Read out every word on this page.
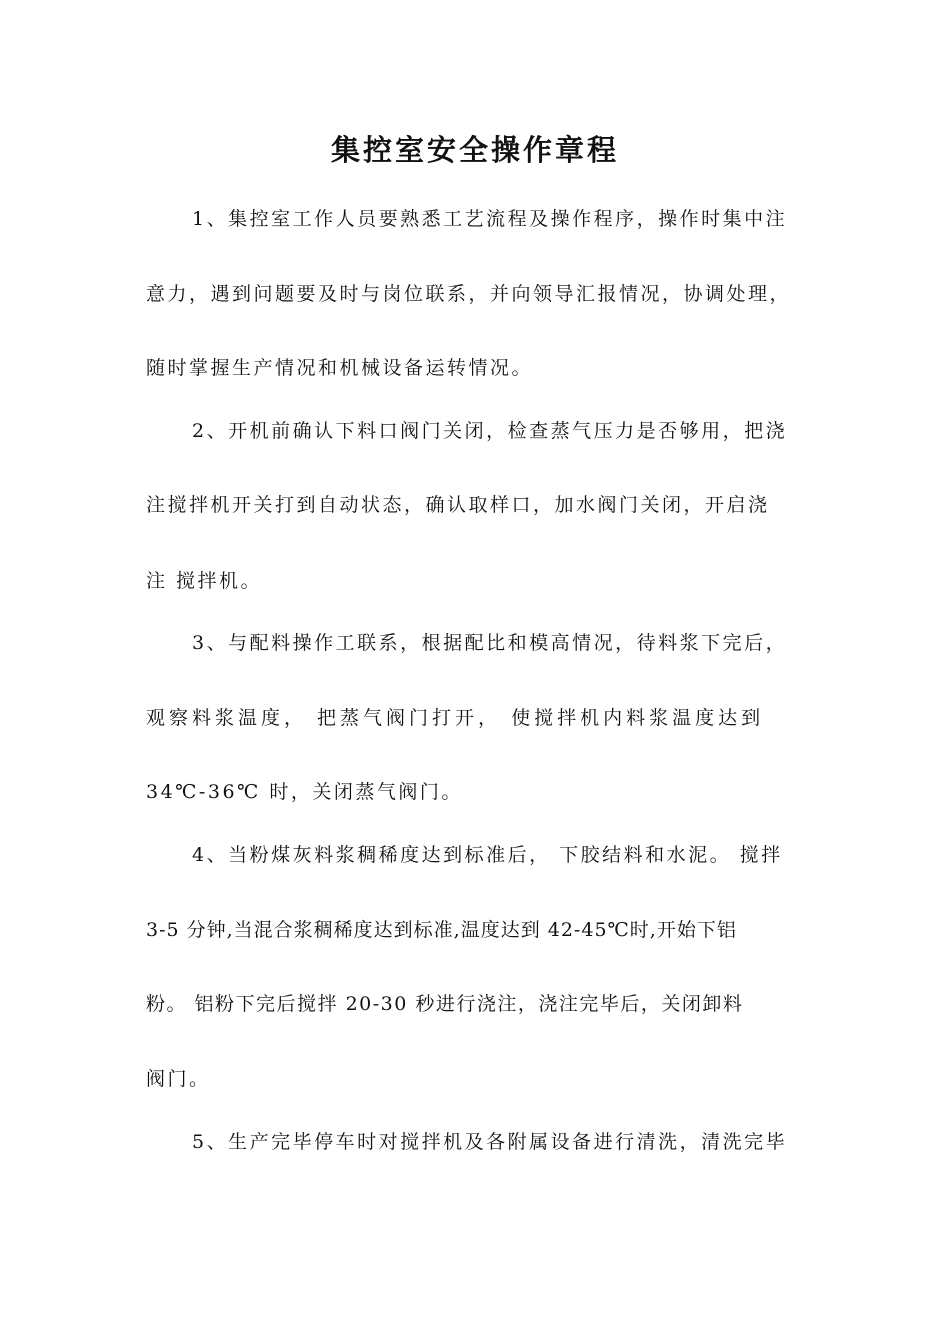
集控室安全操作章程
1、集控室工作人员要熟悉工艺流程及操作程序，操作时集中注
意力，遇到问题要及时与岗位联系，并向领导汇报情况，协调处理，
随时掌握生产情况和机械设备运转情况。
2、开机前确认下料口阀门关闭，检查蒸气压力是否够用，把浇
注搅拌机开关打到自动状态，确认取样口，加水阀门关闭，开启浇
注 搅拌机。
3、与配料操作工联系，根据配比和模高情况，待料浆下完后，
观察料浆温度， 把蒸气阀门打开， 使搅拌机内料浆温度达到
34℃-36℃ 时，关闭蒸气阀门。
4、当粉煤灰料浆稠稀度达到标准后， 下胶结料和水泥。 搅拌
3-5 分钟,当混合浆稠稀度达到标准,温度达到 42-45℃时,开始下铝
粉。 铝粉下完后搅拌 20-30 秒进行浇注，浇注完毕后，关闭卸料
阀门。
5、生产完毕停车时对搅拌机及各附属设备进行清洗，清洗完毕
